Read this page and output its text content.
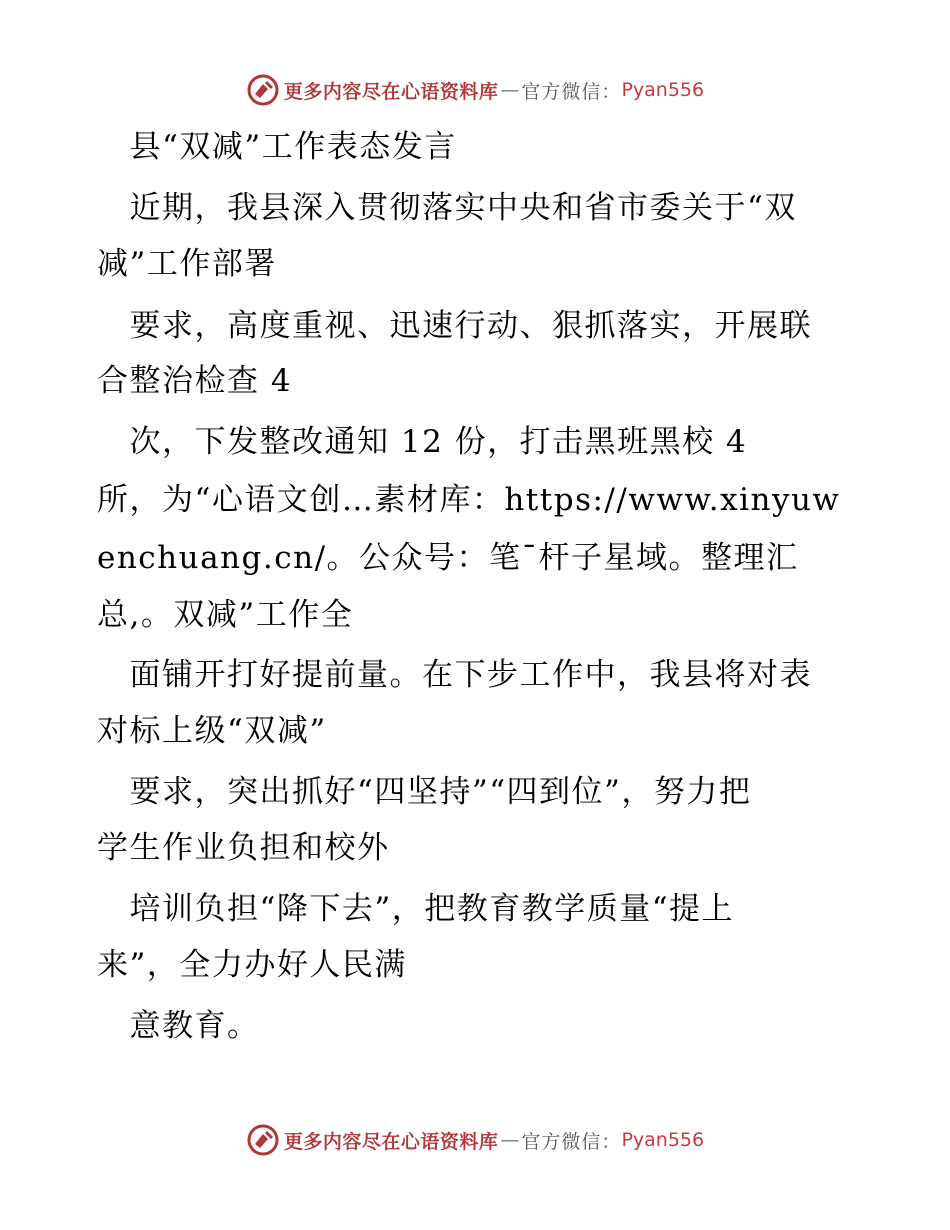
更多内容尽在心语资料库 — 官方微信： Pyan556
　县“双减”工作表态发言
　近期，我县深入贯彻落实中央和省市委关于“双
减”工作部署
　要求，高度重视、迅速行动、狠抓落实，开展联
合整治检查 4
　次，下发整改通知 12 份，打击黑班黑校 4
所，为“心语文创…素材库：https://www.xinyuw
enchuang.cn/。公众号：笔¯杆子星域。整理汇
总,。双减”工作全
　面铺开打好提前量。在下步工作中，我县将对表
对标上级“双减”
　要求，突出抓好“四坚持”“四到位”，努力把
学生作业负担和校外
　培训负担“降下去”，把教育教学质量“提上
来”，全力办好人民满
　意教育。
更多内容尽在心语资料库 — 官方微信： Pyan556
